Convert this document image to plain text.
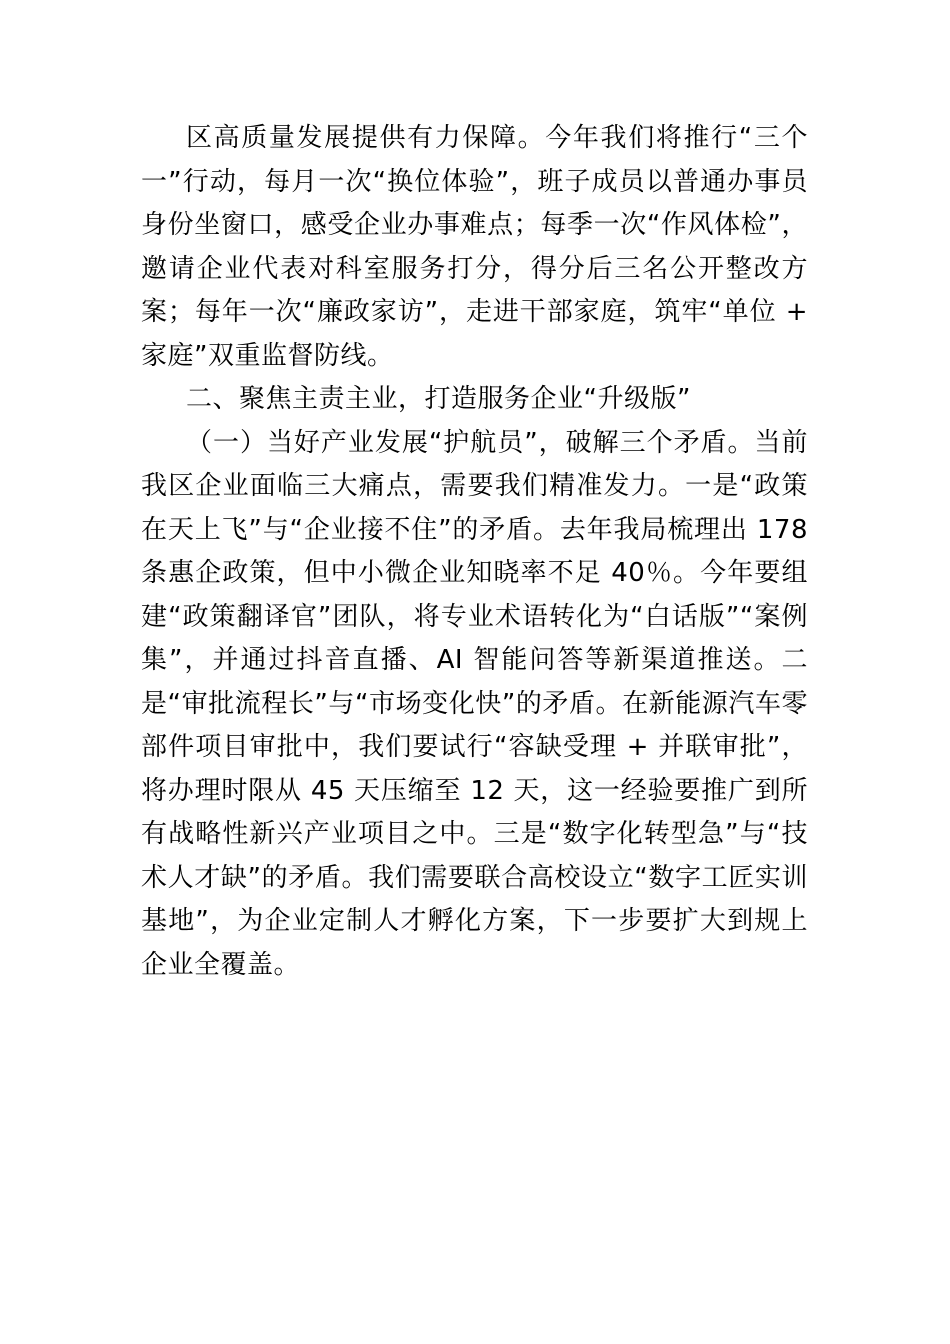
区高质量发展提供有力保障。今年我们将推行“三个一”行动，每月一次“换位体验”，班子成员以普通办事员身份坐窗口，感受企业办事难点；每季一次“作风体检”，邀请企业代表对科室服务打分，得分后三名公开整改方案；每年一次“廉政家访”，走进干部家庭，筑牢“单位 + 家庭”双重监督防线。

二、聚焦主责主业，打造服务企业“升级版”

（一）当好产业发展“护航员”，破解三个矛盾。当前我区企业面临三大痛点，需要我们精准发力。一是“政策在天上飞”与“企业接不住”的矛盾。去年我局梳理出 178 条惠企政策，但中小微企业知晓率不足 40％。今年要组建“政策翻译官”团队，将专业术语转化为“白话版”“案例集”，并通过抖音直播、AI 智能问答等新渠道推送。二是“审批流程长”与“市场变化快”的矛盾。在新能源汽车零部件项目审批中，我们要试行“容缺受理 + 并联审批”，将办理时限从 45 天压缩至 12 天，这一经验要推广到所有战略性新兴产业项目之中。三是“数字化转型急”与“技术人才缺”的矛盾。我们需要联合高校设立“数字工匠实训基地”，为企业定制人才孵化方案，下一步要扩大到规上企业全覆盖。
